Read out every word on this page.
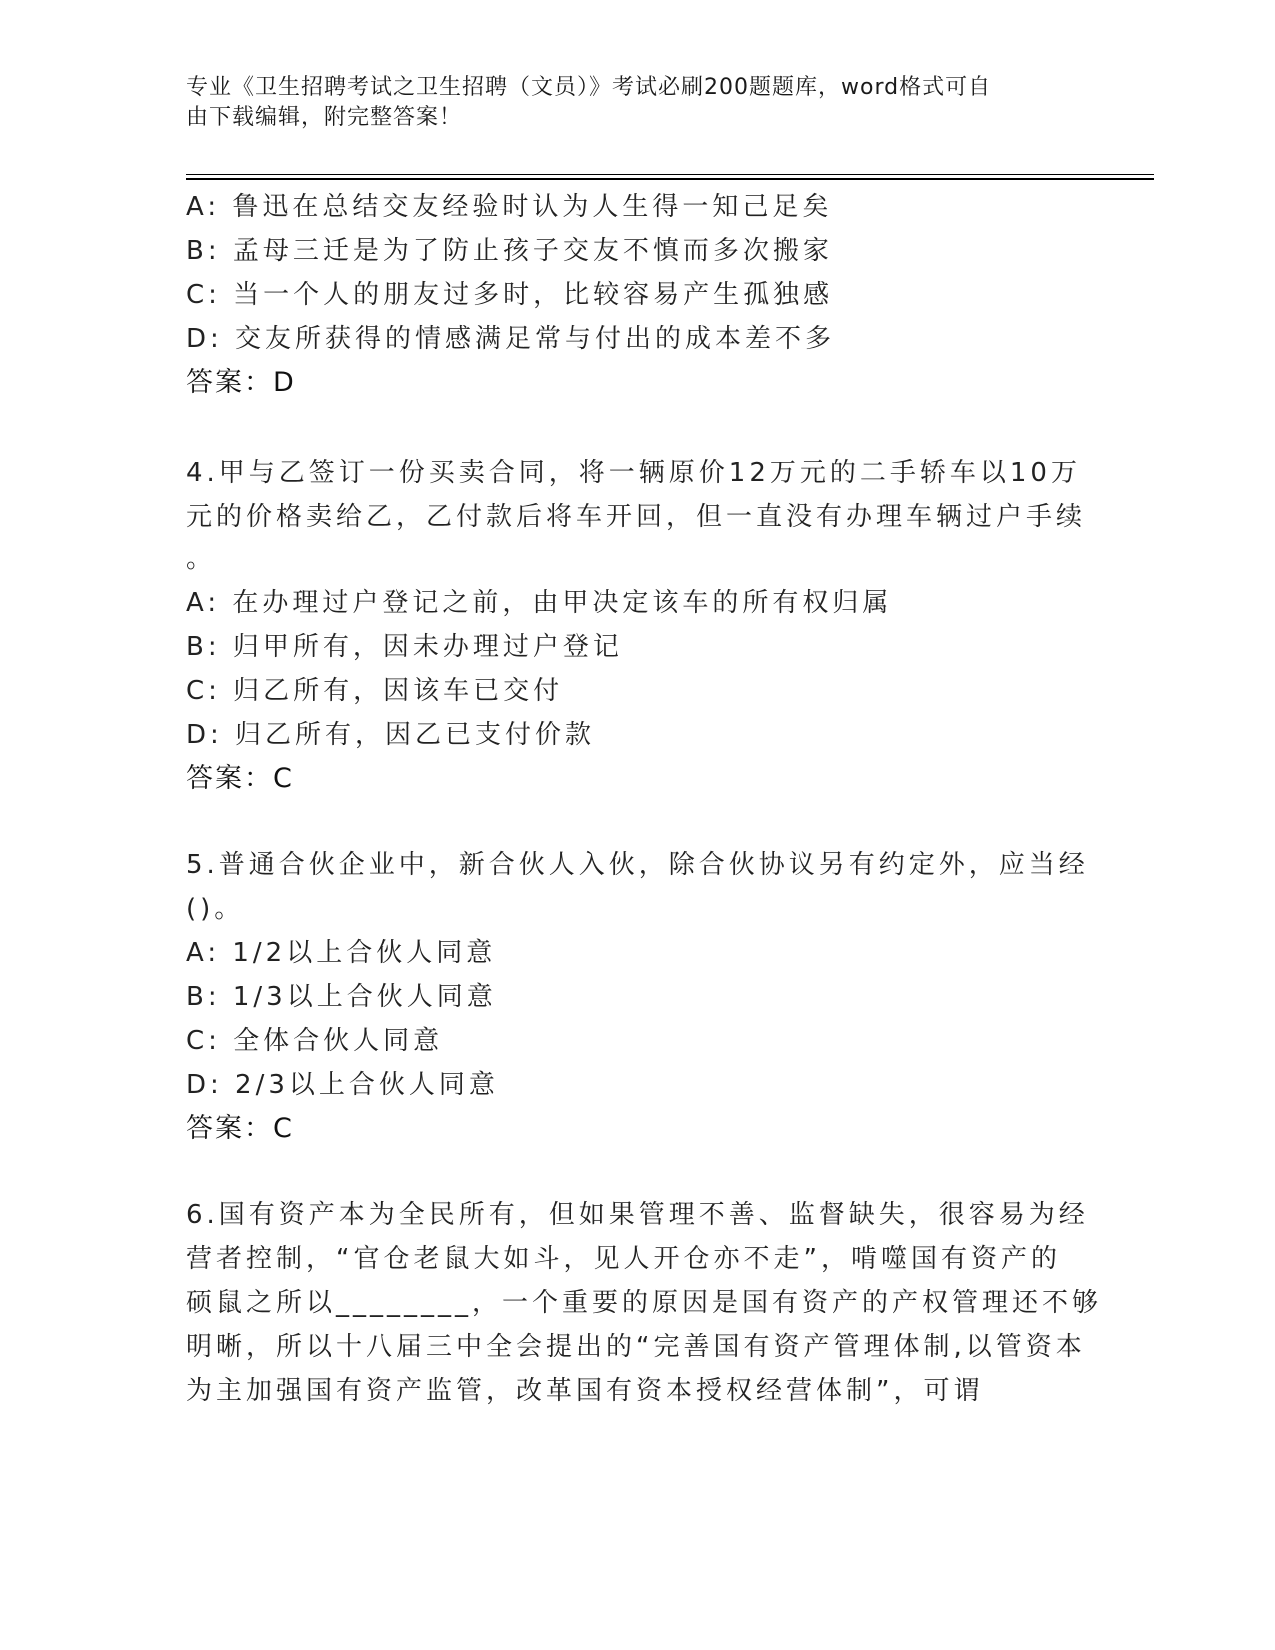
专业《卫生招聘考试之卫生招聘（文员）》考试必刷200题题库，word格式可自
由下载编辑，附完整答案！
A: 鲁迅在总结交友经验时认为人生得一知己足矣
B: 孟母三迁是为了防止孩子交友不慎而多次搬家
C: 当一个人的朋友过多时，比较容易产生孤独感
D: 交友所获得的情感满足常与付出的成本差不多
答案：D
4.甲与乙签订一份买卖合同，将一辆原价12万元的二手轿车以10万
元的价格卖给乙，乙付款后将车开回，但一直没有办理车辆过户手续
。
A: 在办理过户登记之前，由甲决定该车的所有权归属
B: 归甲所有，因未办理过户登记
C: 归乙所有，因该车已交付
D: 归乙所有，因乙已支付价款
答案：C
5.普通合伙企业中，新合伙人入伙，除合伙协议另有约定外，应当经
()。
A: 1/2以上合伙人同意
B: 1/3以上合伙人同意
C: 全体合伙人同意
D: 2/3以上合伙人同意
答案：C
6.国有资产本为全民所有，但如果管理不善、监督缺失，很容易为经
营者控制，“官仓老鼠大如斗，见人开仓亦不走”，啃噬国有资产的
硕鼠之所以________，一个重要的原因是国有资产的产权管理还不够
明晰，所以十八届三中全会提出的“完善国有资产管理体制,以管资本
为主加强国有资产监管，改革国有资本授权经营体制”，可谓
